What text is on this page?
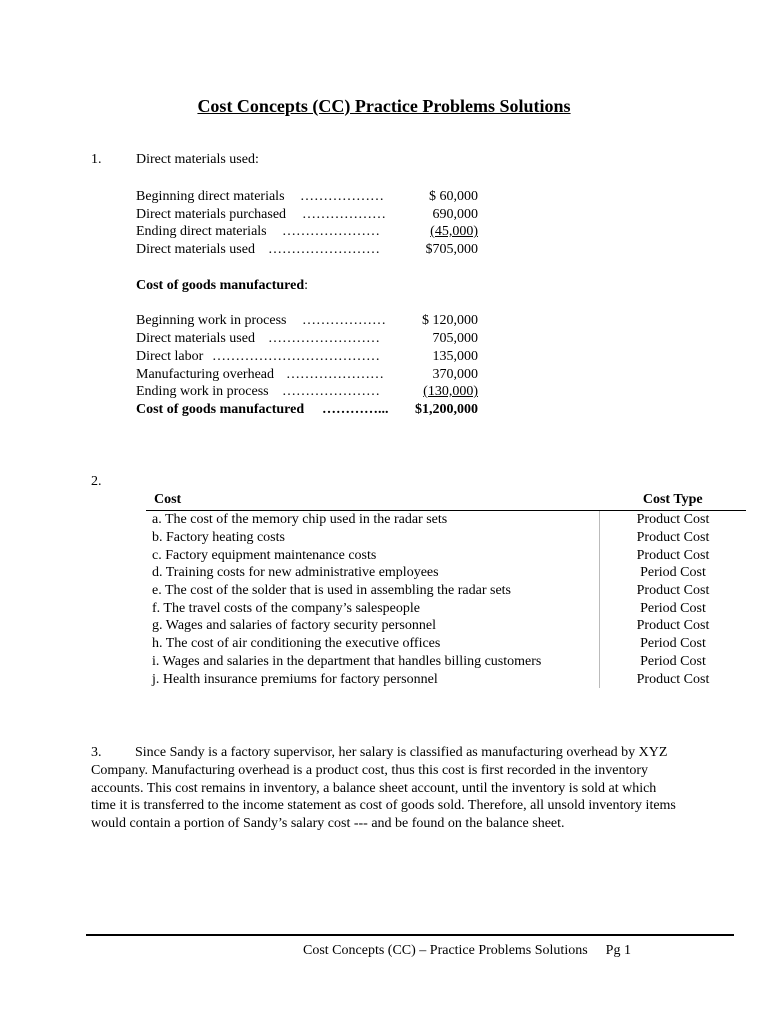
Cost Concepts (CC) Practice Problems Solutions
1. Direct materials used:
Beginning direct materials ………………	$ 60,000
Direct materials purchased ………………	690,000
Ending direct materials …………………	(45,000)
Direct materials used ……………………	$705,000
Cost of goods manufactured:
Beginning work in process ………………	$ 120,000
Direct materials used ……………………	705,000
Direct labor ………………………………	135,000
Manufacturing overhead …………………	370,000
Ending work in process …………………	(130,000)
Cost of goods manufactured …………...	$1,200,000
2.
Cost	Cost Type
a. The cost of the memory chip used in the radar sets	Product Cost
b. Factory heating costs	Product Cost
c. Factory equipment maintenance costs	Product Cost
d. Training costs for new administrative employees	Period Cost
e. The cost of the solder that is used in assembling the radar sets	Product Cost
f. The travel costs of the company’s salespeople	Period Cost
g. Wages and salaries of factory security personnel	Product Cost
h. The cost of air conditioning the executive offices	Period Cost
i. Wages and salaries in the department that handles billing customers	Period Cost
j. Health insurance premiums for factory personnel	Product Cost
3. Since Sandy is a factory supervisor, her salary is classified as manufacturing overhead by XYZ Company. Manufacturing overhead is a product cost, thus this cost is first recorded in the inventory accounts. This cost remains in inventory, a balance sheet account, until the inventory is sold at which time it is transferred to the income statement as cost of goods sold. Therefore, all unsold inventory items would contain a portion of Sandy’s salary cost --- and be found on the balance sheet.
Cost Concepts (CC) – Practice Problems Solutions Pg 1
